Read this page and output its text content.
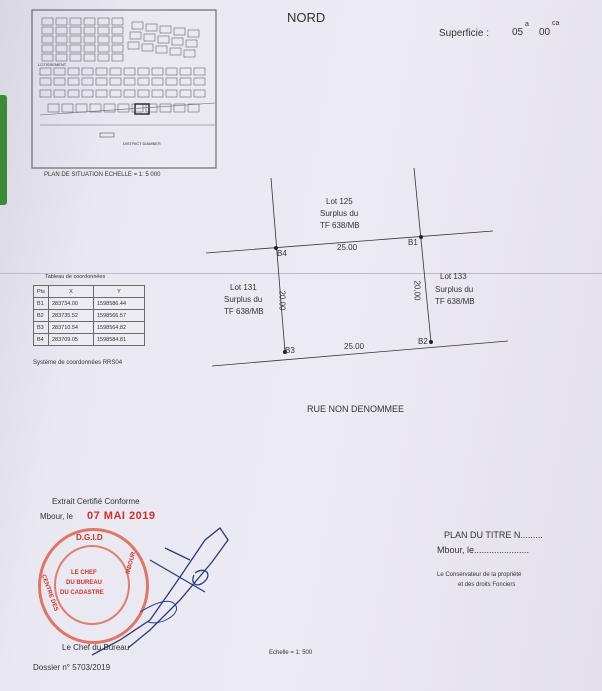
LOTISSEMENT
DISTRICT DIAMBER
PLAN DE SITUATION ECHELLE = 1: 5 000
NORD
Superficie : 05
a
00
ca
Lot 125
Surplus du
TF 638/MB
Lot 131
Surplus du
TF 638/MB
Lot 133
Surplus du
TF 638/MB
25.00
25.00
20.00	20.00
B1
B2
B3
B4
RUE NON DENOMMEE
Tableau de coordonnées
Pts	X	Y
B1	283734.00	1598586.44
B2	283735.52	1598566.57
B3	283710.54	1598564.82
B4	283709.05	1598584.81
Système de coordonnées RRS04
Extrait Certifié Conforme
Mbour, le 07 MAI 2019
D.G.I.D
LE CHEF
DU BUREAU
DU CADASTRE
CENTRE DES
MBOUR
Le Chef du Bureau
Dossier n° 5703/2019
PLAN DU TITRE N.........
Mbour, le......................
Le Conservateur de la propriété
et des droits Fonciers
Echelle = 1: 500
